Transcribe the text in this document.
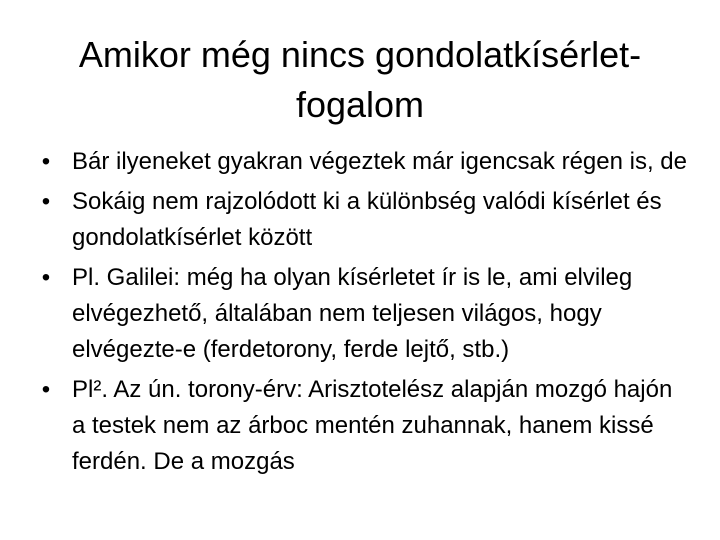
Amikor még nincs gondolatkísérlet-
fogalom
• Bár ilyeneket gyakran végeztek már igencsak régen is, de
• Sokáig nem rajzolódott ki a különbség valódi kísérlet és gondolatkísérlet között
• Pl. Galilei: még ha olyan kísérletet ír is le, ami elvileg elvégezhető, általában nem teljesen világos, hogy elvégezte-e (ferdetorony, ferde lejtő, stb.)
• Pl². Az ún. torony-érv: Arisztotelész alapján mozgó hajón a testek nem az árboc mentén zuhannak, hanem kissé ferdén. De a mozgás
